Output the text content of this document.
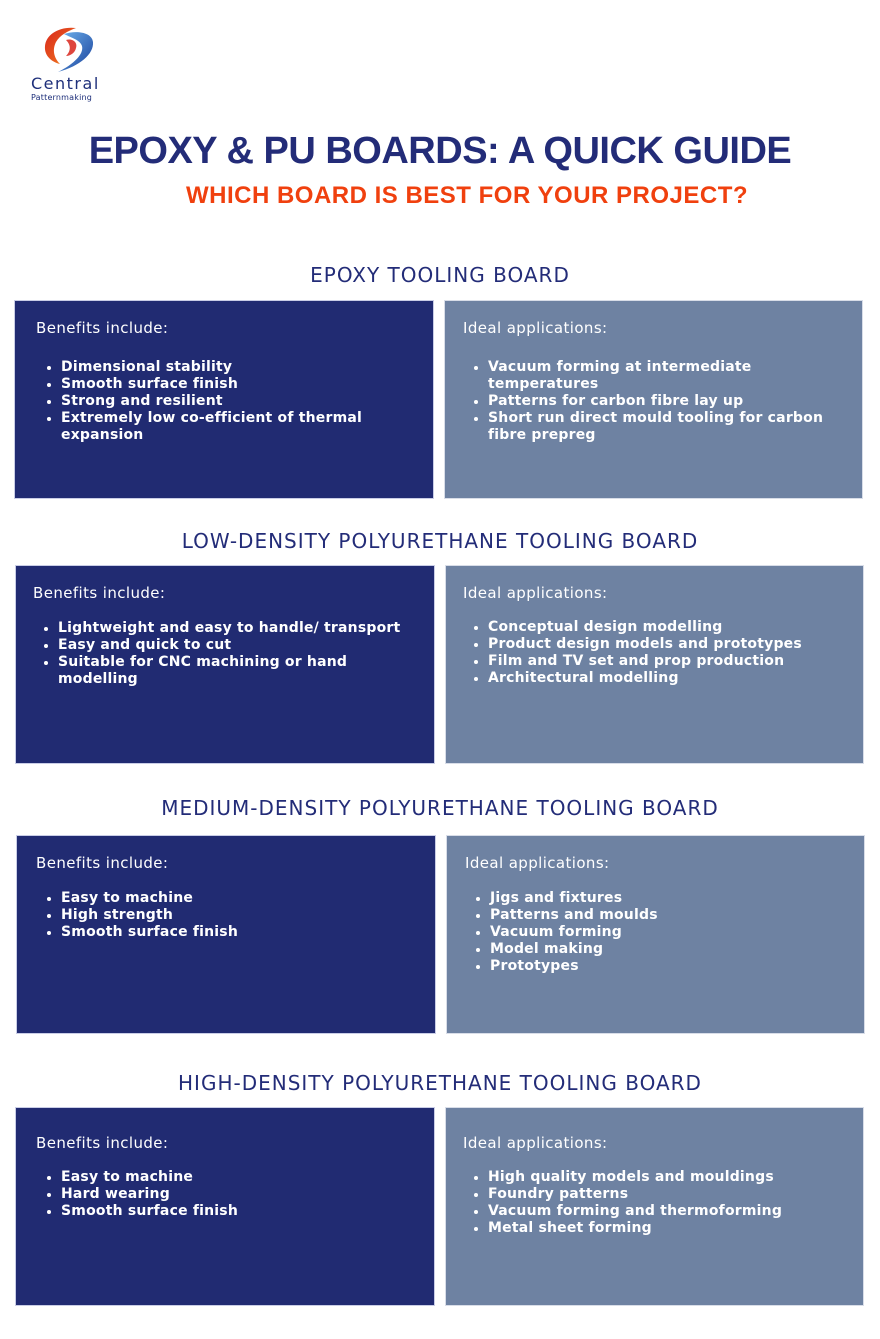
Central
Patternmaking
EPOXY & PU BOARDS: A QUICK GUIDE
WHICH BOARD IS BEST FOR YOUR PROJECT?
EPOXY TOOLING BOARD
Benefits include:
• Dimensional stability
• Smooth surface finish
• Strong and resilient
• Extremely low co-efficient of thermal expansion
Ideal applications:
• Vacuum forming at intermediate temperatures
• Patterns for carbon fibre lay up
• Short run direct mould tooling for carbon fibre prepreg
LOW-DENSITY POLYURETHANE TOOLING BOARD
Benefits include:
• Lightweight and easy to handle/ transport
• Easy and quick to cut
• Suitable for CNC machining or hand modelling
Ideal applications:
• Conceptual design modelling
• Product design models and prototypes
• Film and TV set and prop production
• Architectural modelling
MEDIUM-DENSITY POLYURETHANE TOOLING BOARD
Benefits include:
• Easy to machine
• High strength
• Smooth surface finish
Ideal applications:
• Jigs and fixtures
• Patterns and moulds
• Vacuum forming
• Model making
• Prototypes
HIGH-DENSITY POLYURETHANE TOOLING BOARD
Benefits include:
• Easy to machine
• Hard wearing
• Smooth surface finish
Ideal applications:
• High quality models and mouldings
• Foundry patterns
• Vacuum forming and thermoforming
• Metal sheet forming
